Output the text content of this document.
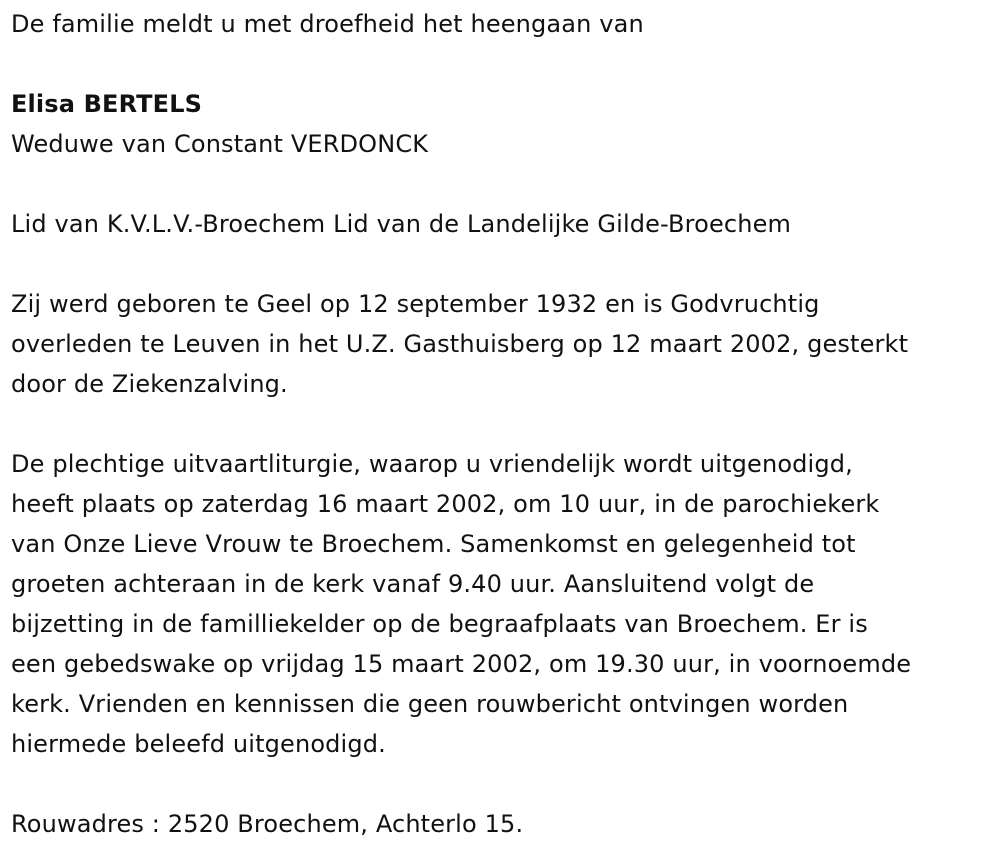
De familie meldt u met droefheid het heengaan van

Elisa BERTELS

Weduwe van Constant VERDONCK

Lid van K.V.L.V.-Broechem Lid van de Landelijke Gilde-Broechem

Zij werd geboren te Geel op 12 september 1932 en is Godvruchtig

overleden te Leuven in het U.Z. Gasthuisberg op 12 maart 2002, gesterkt

door de Ziekenzalving.

De plechtige uitvaartliturgie, waarop u vriendelijk wordt uitgenodigd,

heeft plaats op zaterdag 16 maart 2002, om 10 uur, in de parochiekerk

van Onze Lieve Vrouw te Broechem. Samenkomst en gelegenheid tot

groeten achteraan in de kerk vanaf 9.40 uur. Aansluitend volgt de

bijzetting in de familliekelder op de begraafplaats van Broechem. Er is

een gebedswake op vrijdag 15 maart 2002, om 19.30 uur, in voornoemde

kerk. Vrienden en kennissen die geen rouwbericht ontvingen worden

hiermede beleefd uitgenodigd.

Rouwadres : 2520 Broechem, Achterlo 15.
